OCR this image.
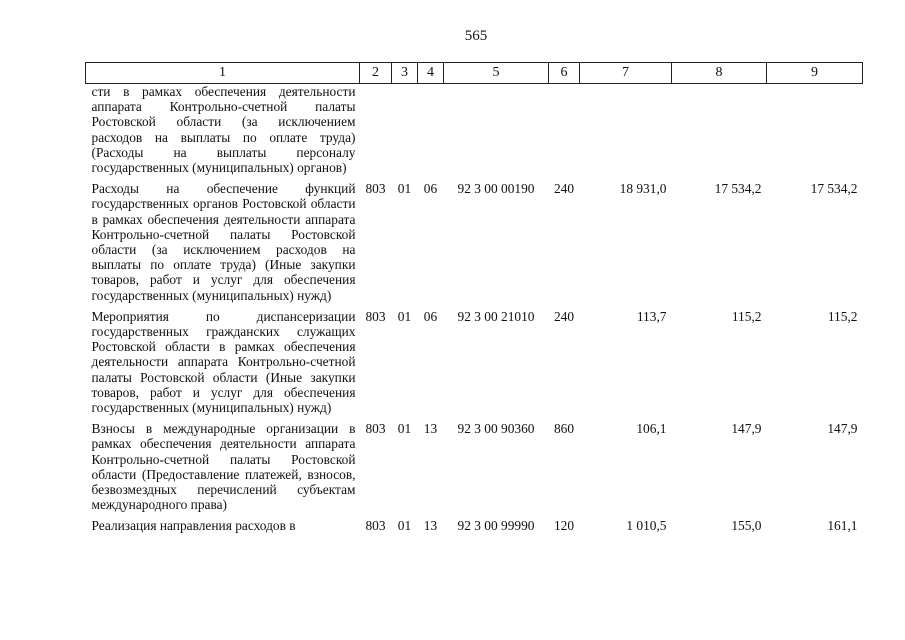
565
1	2	3	4	5	6	7	8	9
сти в рамках обеспечения деятельности аппарата Контрольно-счетной палаты Ростовской области (за исключением расходов на выплаты по оплате труда) (Расходы на выплаты персоналу государственных (муниципальных) органов)								
Расходы на обеспечение функций государственных органов Ростовской области в рамках обеспечения деятельности аппарата Контрольно-счетной палаты Ростовской области (за исключением расходов на выплаты по оплате труда) (Иные закупки товаров, работ и услуг для обеспечения государственных (муниципальных) нужд)	803	01	06	92 3 00 00190	240	18 931,0	17 534,2	17 534,2
Мероприятия по диспансеризации государственных гражданских служащих Ростовской области в рамках обеспечения деятельности аппарата Контрольно-счетной палаты Ростовской области (Иные закупки товаров, работ и услуг для обеспечения государственных (муниципальных) нужд)	803	01	06	92 3 00 21010	240	113,7	115,2	115,2
Взносы в международные организации в рамках обеспечения деятельности аппарата Контрольно-счетной палаты Ростовской области (Предоставление платежей, взносов, безвозмездных перечислений субъектам международного права)	803	01	13	92 3 00 90360	860	106,1	147,9	147,9
Реализация направления расходов в	803	01	13	92 3 00 99990	120	1 010,5	155,0	161,1
